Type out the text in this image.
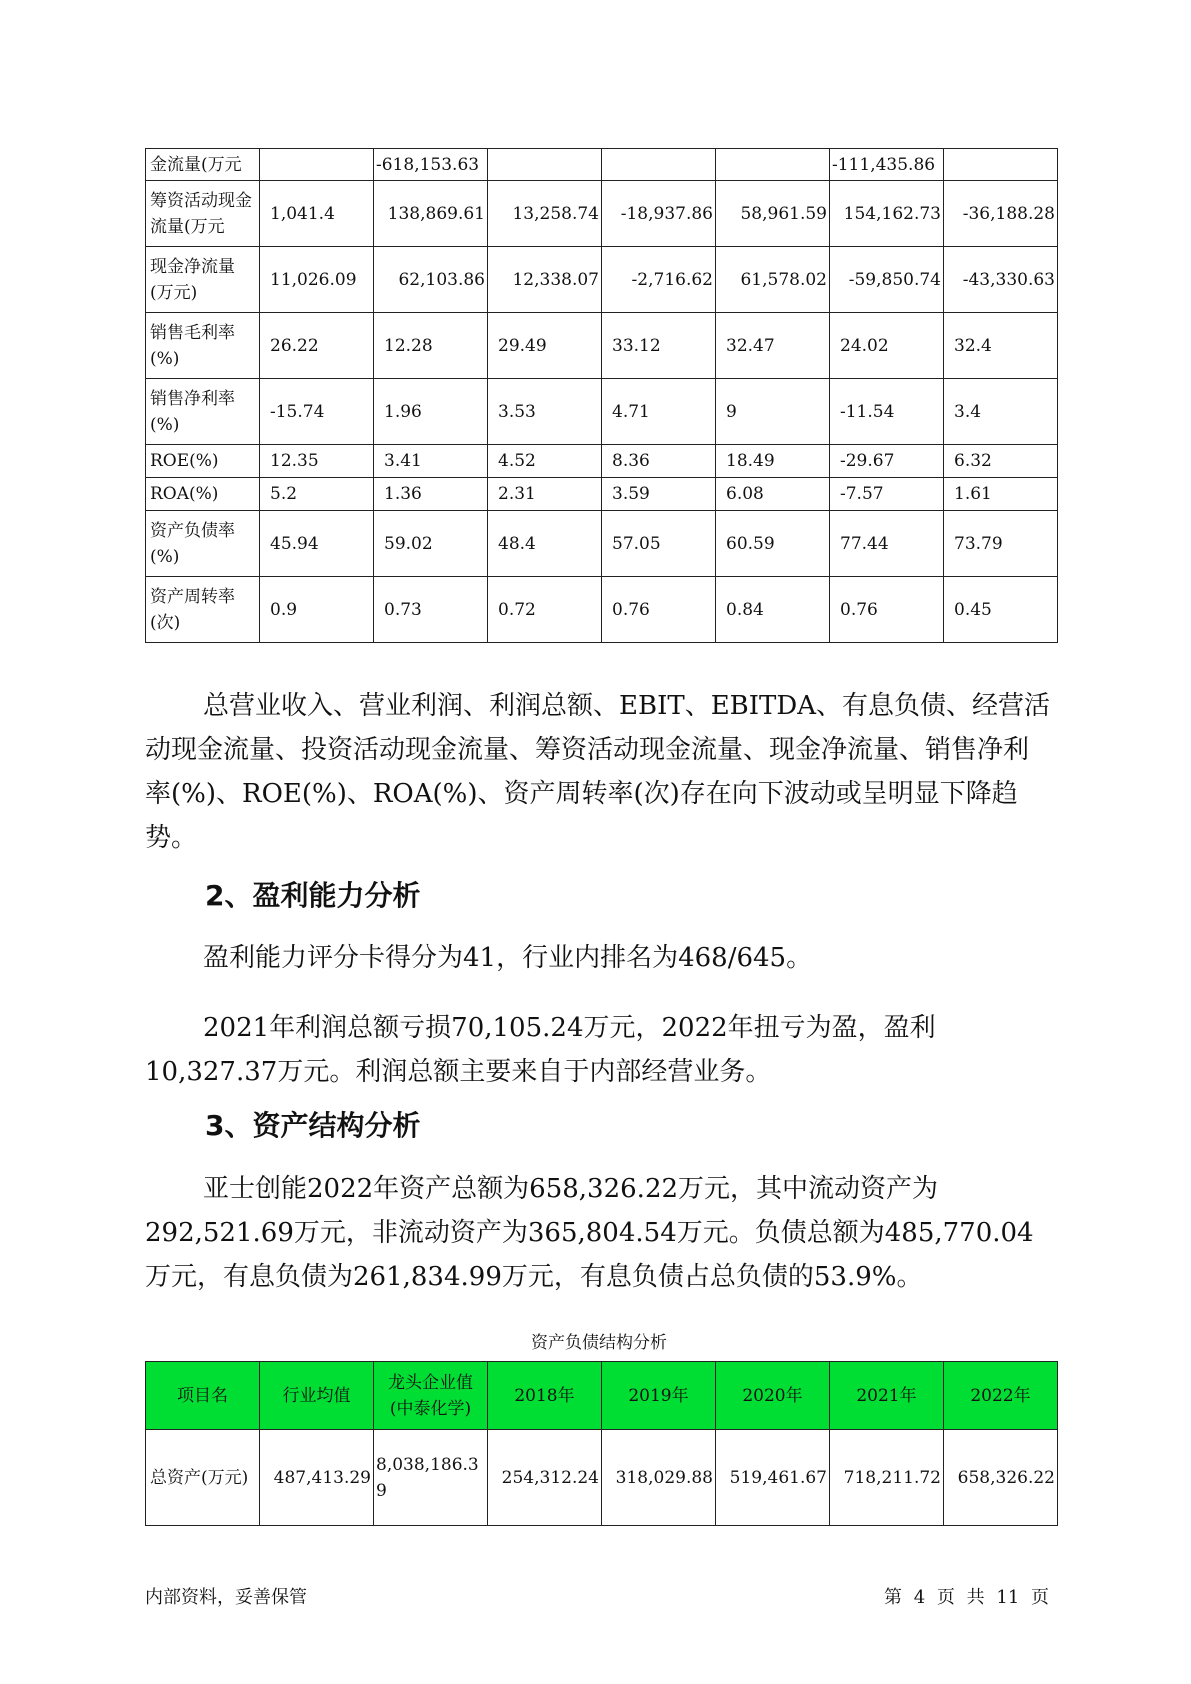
金流量(万元		-618,153.63				-111,435.86	
筹资活动现金流量(万元	1,041.4	138,869.61	13,258.74	-18,937.86	58,961.59	154,162.73	-36,188.28
现金净流量(万元)	11,026.09	62,103.86	12,338.07	-2,716.62	61,578.02	-59,850.74	-43,330.63
销售毛利率(%)	26.22	12.28	29.49	33.12	32.47	24.02	32.4
销售净利率(%)	-15.74	1.96	3.53	4.71	9	-11.54	3.4
ROE(%)	12.35	3.41	4.52	8.36	18.49	-29.67	6.32
ROA(%)	5.2	1.36	2.31	3.59	6.08	-7.57	1.61
资产负债率(%)	45.94	59.02	48.4	57.05	60.59	77.44	73.79
资产周转率(次)	0.9	0.73	0.72	0.76	0.84	0.76	0.45

总营业收入、营业利润、利润总额、EBIT、EBITDA、有息负债、经营活动现金流量、投资活动现金流量、筹资活动现金流量、现金净流量、销售净利率(%)、ROE(%)、ROA(%)、资产周转率(次)存在向下波动或呈明显下降趋势。

2、盈利能力分析

盈利能力评分卡得分为41，行业内排名为468/645。

2021年利润总额亏损70,105.24万元，2022年扭亏为盈，盈利10,327.37万元。利润总额主要来自于内部经营业务。

3、资产结构分析

亚士创能2022年资产总额为658,326.22万元，其中流动资产为292,521.69万元，非流动资产为365,804.54万元。负债总额为485,770.04万元，有息负债为261,834.99万元，有息负债占总负债的53.9%。

资产负债结构分析
项目名	行业均值	龙头企业值(中泰化学)	2018年	2019年	2020年	2021年	2022年
总资产(万元)	487,413.29	8,038,186.39	254,312.24	318,029.88	519,461.67	718,211.72	658,326.22
内部资料，妥善保管	第 4 页 共 11 页
